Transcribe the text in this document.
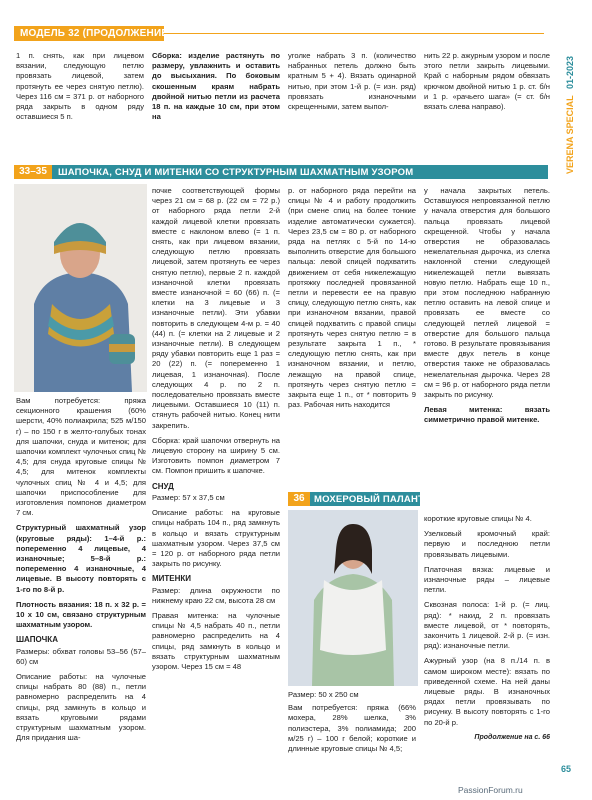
МОДЕЛЬ 32 (ПРОДОЛЖЕНИЕ)
VERENA SPECIAL 01-2023
1 п. снять, как при лицевом вязании, следующую петлю провязать лицевой, затем протянуть ее через снятую петлю). Через 116 см = 371 р. от наборного ряда закрыть в одном ряду оставшиеся 5 п.
Сборка: изделие растянуть по размеру, увлажнить и оставить до высыхания. По боковым скошенным краям набрать двойной нитью петли из расчета 18 п. на каждые 10 см, при этом на
уголке набрать 3 п. (количество набранных петель должно быть кратным 5 + 4). Вязать одинарной нитью, при этом 1-й р. (= изн. ряд) провязать изнаночными скрещенными, затем выпол-
нить 22 р. ажурным узором и после этого петли закрыть лицевыми. Край с наборным рядом обвязать крючком двойной нитью 1 р. ст. б/н и 1 р. «рачьего шага» (= ст. б/н вязать слева направо).
33–35	ШАПОЧКА, СНУД И МИТЕНКИ СО СТРУКТУРНЫМ ШАХМАТНЫМ УЗОРОМ

Вам потребуется: пряжа секционного крашения (60% шерсти, 40% полиакрила; 525 м/150 г) – по 150 г в желто-голубых тонах для шапочки, снуда и митенок; для шапочки комплект чулочных спиц № 4,5; для снуда круговые спицы № 4,5; для митенок комплекты чулочных спиц № 4 и 4,5; для шапочки приспособление для изготовления помпонов диаметром 7 см.

Структурный шахматный узор (круговые ряды): 1–4-й р.: попеременно 4 лицевые, 4 изнаночные; 5–8-й р.: попеременно 4 изнаночные, 4 лицевые. В высоту повторять с 1-го по 8-й р.

Плотность вязания: 18 п. х 32 р. = 10 х 10 см, связано структурным шахматным узором.

ШАПОЧКА

Размеры: обхват головы 53–56 (57–60) см

Описание работы: на чулочные спицы набрать 80 (88) п., петли равномерно распределить на 4 спицы, ряд замкнуть в кольцо и вязать круговыми рядами структурным шахматным узором. Для придания ша-

почке соответствующей формы через 21 см = 68 р. (22 см = 72 р.) от наборного ряда петли 2-й каждой лицевой клетки провязать вместе с наклоном влево (= 1 п. снять, как при лицевом вязании, следующую петлю провязать лицевой, затем протянуть ее через снятую петлю), первые 2 п. каждой изнаночной клетки провязать вместе изнаночной = 60 (66) п. (= клетки на 3 лицевые и 3 изнаночные петли). Эти убавки повторить в следующем 4-м р. = 40 (44) п. (= клетки на 2 лицевые и 2 изнаночные петли). В следующем ряду убавки повторить еще 1 раз = 20 (22) п. (= попеременно 1 лицевая, 1 изнаночная). После следующих 4 р. по 2 п. последовательно провязать вместе лицевыми. Оставшиеся 10 (11) п. стянуть рабочей нитью. Конец нити закрепить.

Сборка: край шапочки отвернуть на лицевую сторону на ширину 5 см. Изготовить помпон диаметром 7 см. Помпон пришить к шапочке.

СНУД

Размер: 57 х 37,5 см

Описание работы: на круговые спицы набрать 104 п., ряд замкнуть в кольцо и вязать структурным шахматным узором. Через 37,5 см = 120 р. от наборного ряда петли закрыть по рисунку.

МИТЕНКИ

Размер: длина окружности по нижнему краю 22 см, высота 28 см

Правая митенка: на чулочные спицы № 4,5 набрать 40 п., петли равномерно распределить на 4 спицы, ряд замкнуть в кольцо и вязать структурным шахматным узором. Через 15 см = 48

р. от наборного ряда перейти на спицы № 4 и работу продолжить (при смене спиц на более тонкие изделие автоматически сужается). Через 23,5 см = 80 р. от наборного ряда на петлях с 5-й по 14-ю выполнить отверстие для большого пальца: левой спицей подхватить движением от себя нижележащую протяжку последней провязанной петли и перевести ее на правую спицу, следующую петлю снять, как при изнаночном вязании, правой спицей подхватить с правой спицы протянуть через снятую петлю = в результате закрыта 1 п., * следующую петлю снять, как при изнаночном вязании, и петлю, лежащую на правой спице, протянуть через снятую петлю = закрыта еще 1 п., от * повторить 9 раз. Рабочая нить находится

у начала закрытых петель. Оставшуюся непровязанной петлю у начала отверстия для большого пальца провязать лицевой скрещенной. Чтобы у начала отверстия не образовалась нежелательная дырочка, из слегка наклонной стенки следующей нижележащей петли вывязать новую петлю. Набрать еще 10 п., при этом последнюю набранную петлю оставить на левой спице и провязать ее вместе со следующей петлей лицевой = отверстие для большого пальца готово. В результате провязывания вместе двух петель в конце отверстия также не образовалась нежелательная дырочка. Через 28 см = 96 р. от наборного ряда петли закрыть по рисунку.

Левая митенка: вязать симметрично правой митенке.

36 МОХЕРОВЫЙ ПАЛАНТИН

Размер: 50 х 250 см

Вам потребуется: пряжа (66% мохера, 28% шелка, 3% полиэстера, 3% полиамида; 200 м/25 г) – 100 г белой; короткие и длинные круговые спицы № 4,5;

короткие круговые спицы № 4.

Узелковый кромочный край: первую и последнюю петли провязывать лицевыми.

Платочная вязка: лицевые и изнаночные ряды – лицевые петли.

Сквозная полоса: 1-й р. (= лиц. ряд): * накид, 2 п. провязать вместе лицевой, от * повторять, закончить 1 лицевой. 2-й р. (= изн. ряд): изнаночные петли.

Ажурный узор (на 8 п./14 п. в самом широком месте): вязать по приведенной схеме. На ней даны лицевые ряды. В изнаночных рядах петли провязывать по рисунку. В высоту повторять с 1-го по 20-й р.

Продолжение на с. 66

65
PassionForum.ru
